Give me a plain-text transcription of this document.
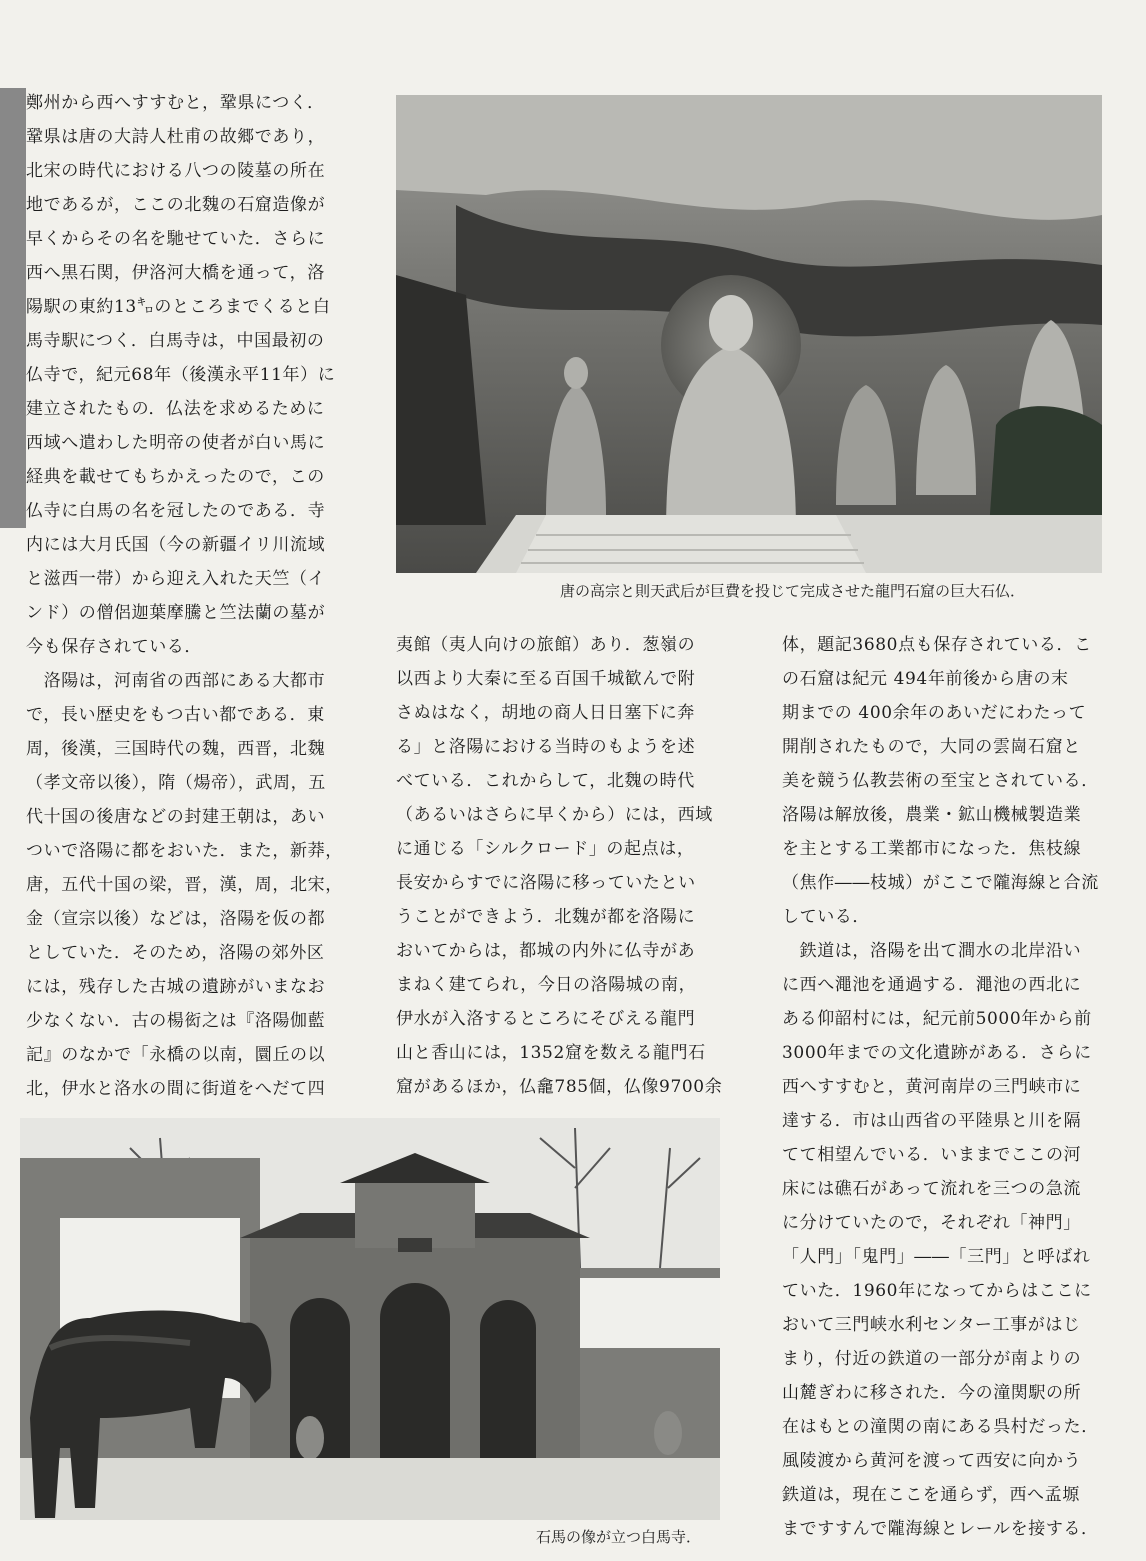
鄭州から西へすすむと，鞏県につく．

鞏県は唐の大詩人杜甫の故郷であり，

北宋の時代における八つの陵墓の所在

地であるが，ここの北魏の石窟造像が

早くからその名を馳せていた．さらに

西へ黒石関，伊洛河大橋を通って，洛

陽駅の東約13㌔のところまでくると白

馬寺駅につく．白馬寺は，中国最初の

仏寺で，紀元68年（後漢永平11年）に

建立されたもの．仏法を求めるために

西域へ遣わした明帝の使者が白い馬に

経典を載せてもちかえったので，この

仏寺に白馬の名を冠したのである．寺

内には大月氏国（今の新疆イリ川流域

と滋西一帯）から迎え入れた天竺（イ

ンド）の僧侶迦葉摩騰と竺法蘭の墓が

今も保存されている．

　洛陽は，河南省の西部にある大都市

で，長い歴史をもつ古い都である．東

周，後漢，三国時代の魏，西晋，北魏

（孝文帝以後），隋（煬帝），武周，五

代十国の後唐などの封建王朝は，あい

ついで洛陽に都をおいた．また，新莽，

唐，五代十国の梁，晋，漢，周，北宋，

金（宣宗以後）などは，洛陽を仮の都

としていた．そのため，洛陽の郊外区

には，残存した古城の遺跡がいまなお

少なくない．古の楊衒之は『洛陽伽藍

記』のなかで「永橋の以南，圜丘の以

北，伊水と洛水の間に街道をへだて四

夷館（夷人向けの旅館）あり．葱嶺の

以西より大秦に至る百国千城歓んで附

さぬはなく，胡地の商人日日塞下に奔

る」と洛陽における当時のもようを述

べている．これからして，北魏の時代

（あるいはさらに早くから）には，西域

に通じる「シルクロード」の起点は，

長安からすでに洛陽に移っていたとい

うことができよう．北魏が都を洛陽に

おいてからは，都城の内外に仏寺があ

まねく建てられ，今日の洛陽城の南，

伊水が入洛するところにそびえる龍門

山と香山には，1352窟を数える龍門石

窟があるほか，仏龕785個，仏像9700余

体，題記3680点も保存されている．こ

の石窟は紀元 494年前後から唐の末

期までの 400余年のあいだにわたって

開削されたもので，大同の雲崗石窟と

美を競う仏教芸術の至宝とされている．

洛陽は解放後，農業・鉱山機械製造業

を主とする工業都市になった．焦枝線

（焦作――枝城）がここで隴海線と合流

している．

　鉄道は，洛陽を出て澗水の北岸沿い

に西へ澠池を通過する．澠池の西北に

ある仰韶村には，紀元前5000年から前

3000年までの文化遺跡がある．さらに

西へすすむと，黄河南岸の三門峡市に

達する．市は山西省の平陸県と川を隔

てて相望んでいる．いままでここの河

床には礁石があって流れを三つの急流

に分けていたので，それぞれ「神門」

「人門」「鬼門」――「三門」と呼ばれ

ていた．1960年になってからはここに

おいて三門峡水利センター工事がはじ

まり，付近の鉄道の一部分が南よりの

山麓ぎわに移された．今の潼関駅の所

在はもとの潼関の南にある呉村だった．

風陵渡から黄河を渡って西安に向かう

鉄道は，現在ここを通らず，西へ孟塬

まですすんで隴海線とレールを接する．

唐の高宗と則天武后が巨費を投じて完成させた龍門石窟の巨大石仏．
石馬の像が立つ白馬寺．
